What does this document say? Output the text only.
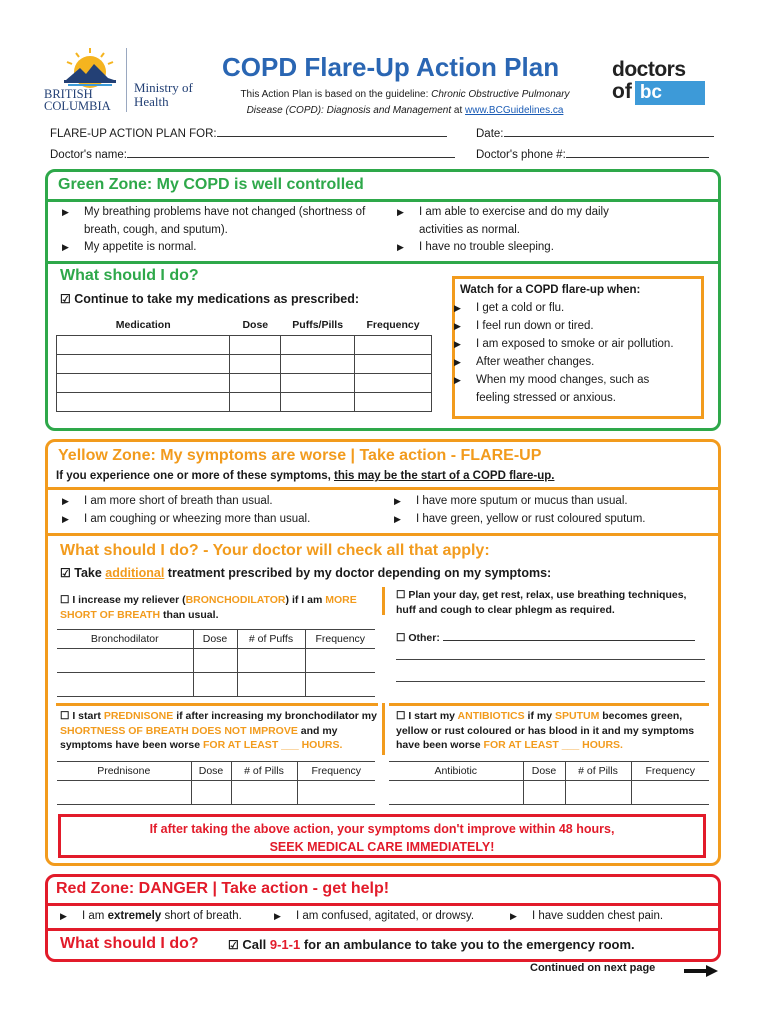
BRITISH
COLUMBIA
Ministry of
Health
COPD Flare-Up Action Plan
This Action Plan is based on the guideline: Chronic Obstructive Pulmonary
Disease (COPD): Diagnosis and Management at www.BCGuidelines.ca
doctors
of bc
FLARE-UP ACTION PLAN FOR:	Date:
Doctor's name:	Doctor's phone #:
Green Zone: My COPD is well controlled
▶ My breathing problems have not changed (shortness of breath, cough, and sputum).
▶ My appetite is normal.
▶ I am able to exercise and do my daily activities as normal.
▶ I have no trouble sleeping.
What should I do?
☑ Continue to take my medications as prescribed:
Medication	Dose	Puffs/Pills	Frequency

Watch for a COPD flare-up when:
▶ I get a cold or flu.
▶ I feel run down or tired.
▶ I am exposed to smoke or air pollution.
▶ After weather changes.
▶ When my mood changes, such as feeling stressed or anxious.
Yellow Zone: My symptoms are worse | Take action - FLARE-UP
If you experience one or more of these symptoms, this may be the start of a COPD flare-up.
▶ I am more short of breath than usual.
▶ I am coughing or wheezing more than usual.
▶ I have more sputum or mucus than usual.
▶ I have green, yellow or rust coloured sputum.
What should I do? - Your doctor will check all that apply:
☑ Take additional treatment prescribed by my doctor depending on my symptoms:
☐ I increase my reliever (BRONCHODILATOR) if I am MORE SHORT OF BREATH than usual.
Bronchodilator	Dose	# of Puffs	Frequency

☐ Plan your day, get rest, relax, use breathing techniques, huff and cough to clear phlegm as required.
☐ Other:
☐ I start PREDNISONE if after increasing my bronchodilator my SHORTNESS OF BREATH DOES NOT IMPROVE and my symptoms have been worse FOR AT LEAST ___ HOURS.
Prednisone	Dose	# of Pills	Frequency

☐ I start my ANTIBIOTICS if my SPUTUM becomes green, yellow or rust coloured or has blood in it and my symptoms have been worse FOR AT LEAST ___ HOURS.
Antibiotic	Dose	# of Pills	Frequency

If after taking the above action, your symptoms don't improve within 48 hours,
SEEK MEDICAL CARE IMMEDIATELY!
Red Zone: DANGER | Take action - get help!
▶ I am extremely short of breath.	▶ I am confused, agitated, or drowsy.	▶ I have sudden chest pain.
What should I do? ☑ Call 9-1-1 for an ambulance to take you to the emergency room.
Continued on next page
